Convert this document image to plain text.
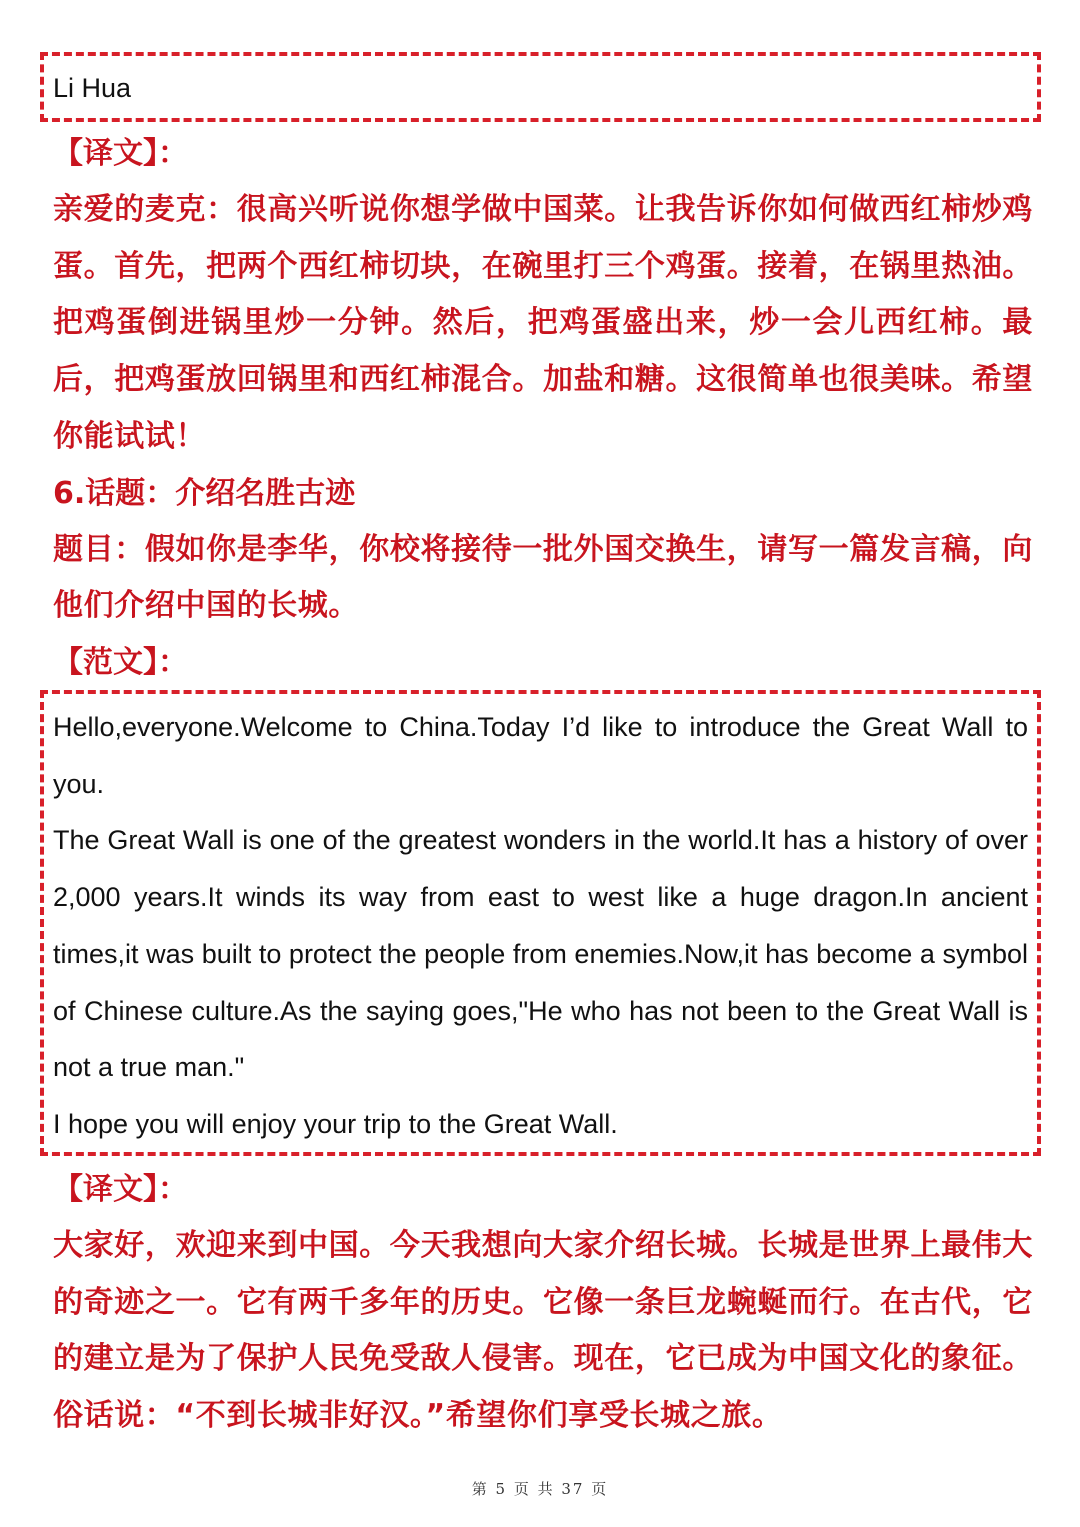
Li Hua
【译文】：

亲爱的麦克：很高兴听说你想学做中国菜。让我告诉你如何做西红柿炒鸡蛋。首先，把两个西红柿切块，在碗里打三个鸡蛋。接着，在锅里热油。把鸡蛋倒进锅里炒一分钟。然后，把鸡蛋盛出来，炒一会儿西红柿。最后，把鸡蛋放回锅里和西红柿混合。加盐和糖。这很简单也很美味。希望你能试试！

6.话题：介绍名胜古迹

题目：假如你是李华，你校将接待一批外国交换生，请写一篇发言稿，向他们介绍中国的长城。

【范文】：

Hello,everyone.Welcome to China.Today I’d like to introduce the Great Wall to you.

The Great Wall is one of the greatest wonders in the world.It has a history of over 2,000 years.It winds its way from east to west like a huge dragon.In ancient times,it was built to protect the people from enemies.Now,it has become a symbol of Chinese culture.As the saying goes,"He who has not been to the Great Wall is not a true man."

I hope you will enjoy your trip to the Great Wall.

【译文】：

大家好，欢迎来到中国。今天我想向大家介绍长城。长城是世界上最伟大的奇迹之一。它有两千多年的历史。它像一条巨龙蜿蜒而行。在古代，它的建立是为了保护人民免受敌人侵害。现在，它已成为中国文化的象征。俗话说：“不到长城非好汉。”希望你们享受长城之旅。

第 5 页 共 37 页
